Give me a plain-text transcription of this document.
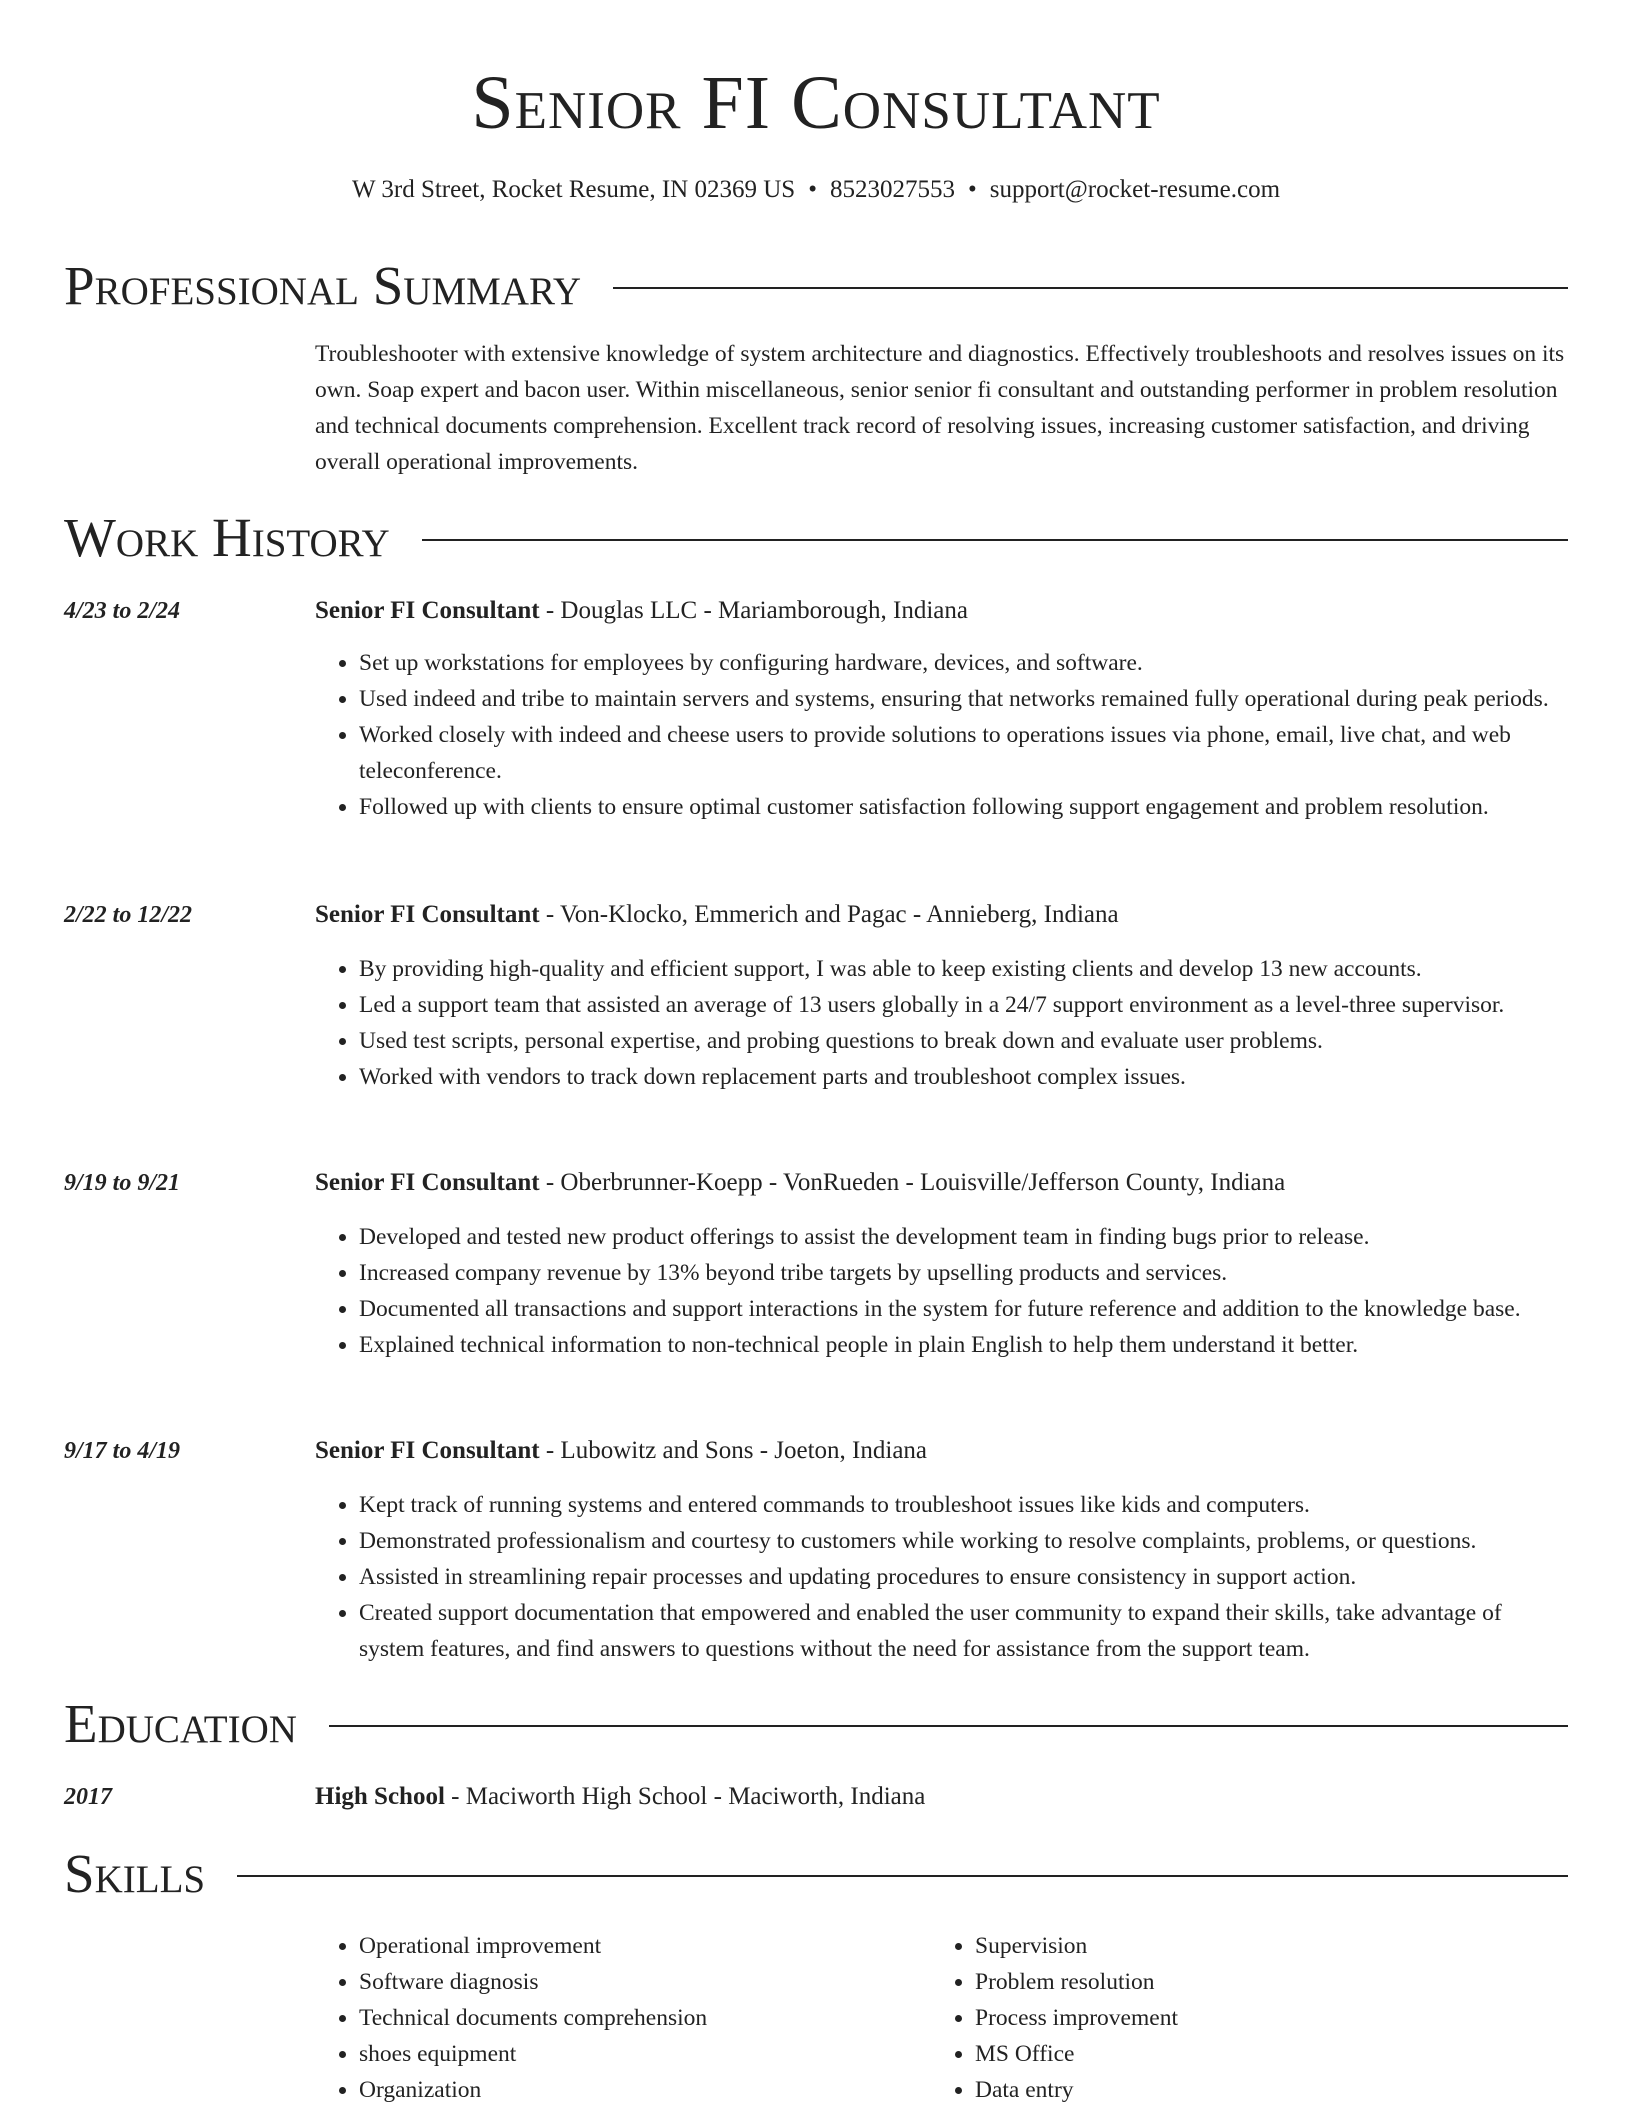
Senior FI Consultant
W 3rd Street, Rocket Resume, IN 02369 US • 8523027553 • support@rocket-resume.com
Professional Summary
Troubleshooter with extensive knowledge of system architecture and diagnostics. Effectively troubleshoots and resolves issues on its own. Soap expert and bacon user. Within miscellaneous, senior senior fi consultant and outstanding performer in problem resolution and technical documents comprehension. Excellent track record of resolving issues, increasing customer satisfaction, and driving overall operational improvements.
Work History
4/23 to 2/24	Senior FI Consultant - Douglas LLC - Mariamborough, Indiana
• Set up workstations for employees by configuring hardware, devices, and software.
• Used indeed and tribe to maintain servers and systems, ensuring that networks remained fully operational during peak periods.
• Worked closely with indeed and cheese users to provide solutions to operations issues via phone, email, live chat, and web teleconference.
• Followed up with clients to ensure optimal customer satisfaction following support engagement and problem resolution.
2/22 to 12/22	Senior FI Consultant - Von-Klocko, Emmerich and Pagac - Annieberg, Indiana
• By providing high-quality and efficient support, I was able to keep existing clients and develop 13 new accounts.
• Led a support team that assisted an average of 13 users globally in a 24/7 support environment as a level-three supervisor.
• Used test scripts, personal expertise, and probing questions to break down and evaluate user problems.
• Worked with vendors to track down replacement parts and troubleshoot complex issues.
9/19 to 9/21	Senior FI Consultant - Oberbrunner-Koepp - VonRueden - Louisville/Jefferson County, Indiana
• Developed and tested new product offerings to assist the development team in finding bugs prior to release.
• Increased company revenue by 13% beyond tribe targets by upselling products and services.
• Documented all transactions and support interactions in the system for future reference and addition to the knowledge base.
• Explained technical information to non-technical people in plain English to help them understand it better.
9/17 to 4/19	Senior FI Consultant - Lubowitz and Sons - Joeton, Indiana
• Kept track of running systems and entered commands to troubleshoot issues like kids and computers.
• Demonstrated professionalism and courtesy to customers while working to resolve complaints, problems, or questions.
• Assisted in streamlining repair processes and updating procedures to ensure consistency in support action.
• Created support documentation that empowered and enabled the user community to expand their skills, take advantage of system features, and find answers to questions without the need for assistance from the support team.
Education
2017	High School - Maciworth High School - Maciworth, Indiana
Skills
• Operational improvement
• Software diagnosis
• Technical documents comprehension
• shoes equipment
• Organization
• Supervision
• Problem resolution
• Process improvement
• MS Office
• Data entry
